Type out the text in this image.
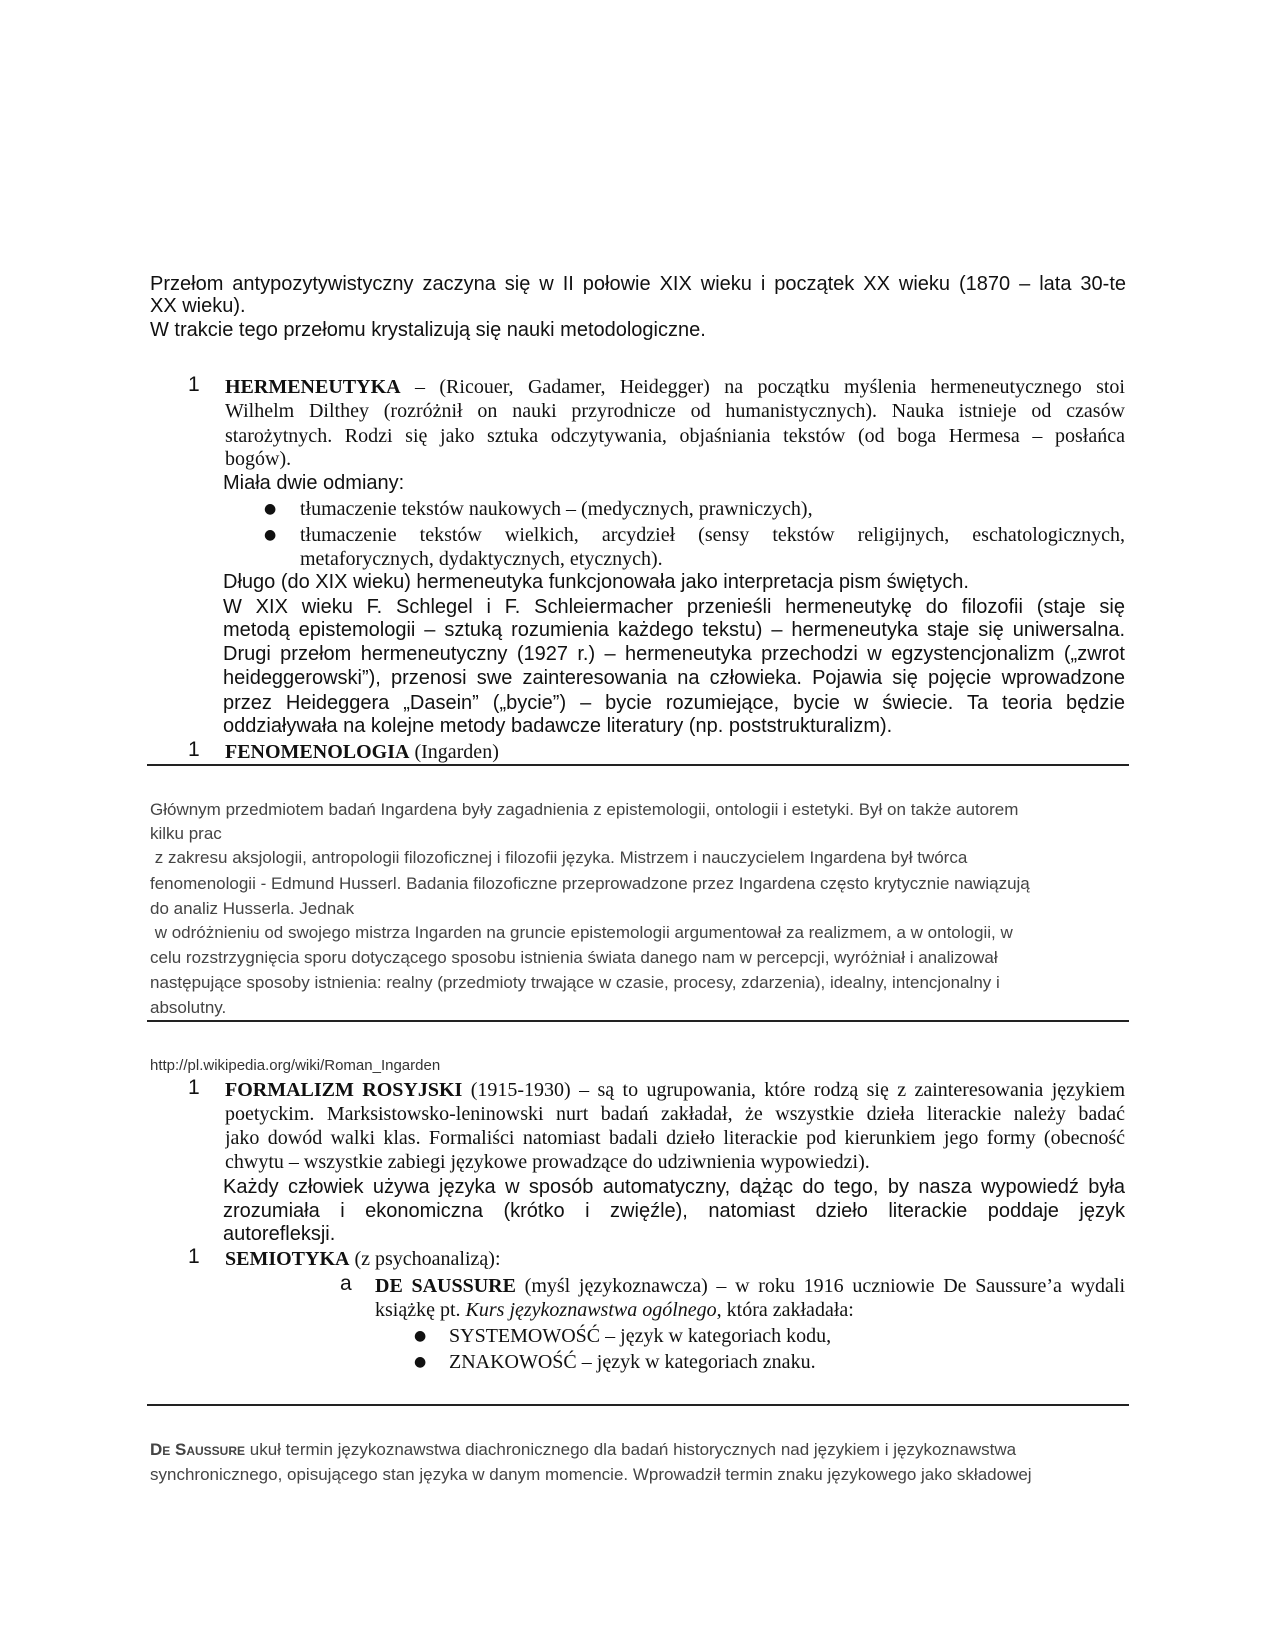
Przełom antypozytywistyczny zaczyna się w II połowie XIX wieku i początek XX wieku (1870 – lata 30-te
XX wieku).
W trakcie tego przełomu krystalizują się nauki metodologiczne.
1 HERMENEUTYKA – (Ricouer, Gadamer, Heidegger) na początku myślenia hermeneutycznego stoi
Wilhelm Dilthey (rozróżnił on nauki przyrodnicze od humanistycznych). Nauka istnieje od czasów
starożytnych. Rodzi się jako sztuka odczytywania, objaśniania tekstów (od boga Hermesa – posłańca
bogów).
Miała dwie odmiany:
● tłumaczenie tekstów naukowych – (medycznych, prawniczych),
● tłumaczenie tekstów wielkich, arcydzieł (sensy tekstów religijnych, eschatologicznych,
metaforycznych, dydaktycznych, etycznych).
Długo (do XIX wieku) hermeneutyka funkcjonowała jako interpretacja pism świętych.
W XIX wieku F. Schlegel i F. Schleiermacher przenieśli hermeneutykę do filozofii (staje się
metodą epistemologii – sztuką rozumienia każdego tekstu) – hermeneutyka staje się uniwersalna.
Drugi przełom hermeneutyczny (1927 r.) – hermeneutyka przechodzi w egzystencjonalizm („zwrot
heideggerowski”), przenosi swe zainteresowania na człowieka. Pojawia się pojęcie wprowadzone
przez Heideggera „Dasein” („bycie”) – bycie rozumiejące, bycie w świecie. Ta teoria będzie
oddziaływała na kolejne metody badawcze literatury (np. poststrukturalizm).
1 FENOMENOLOGIA (Ingarden)
Głównym przedmiotem badań Ingardena były zagadnienia z epistemologii, ontologii i estetyki. Był on także autorem
kilku prac
z zakresu aksjologii, antropologii filozoficznej i filozofii języka. Mistrzem i nauczycielem Ingardena był twórca
fenomenologii - Edmund Husserl. Badania filozoficzne przeprowadzone przez Ingardena często krytycznie nawiązują
do analiz Husserla. Jednak
w odróżnieniu od swojego mistrza Ingarden na gruncie epistemologii argumentował za realizmem, a w ontologii, w
celu rozstrzygnięcia sporu dotyczącego sposobu istnienia świata danego nam w percepcji, wyróżniał i analizował
następujące sposoby istnienia: realny (przedmioty trwające w czasie, procesy, zdarzenia), idealny, intencjonalny i
absolutny.
http://pl.wikipedia.org/wiki/Roman_Ingarden
1 FORMALIZM ROSYJSKI (1915-1930) – są to ugrupowania, które rodzą się z zainteresowania językiem
poetyckim. Marksistowsko-leninowski nurt badań zakładał, że wszystkie dzieła literackie należy badać
jako dowód walki klas. Formaliści natomiast badali dzieło literackie pod kierunkiem jego formy (obecność
chwytu – wszystkie zabiegi językowe prowadzące do udziwnienia wypowiedzi).
Każdy człowiek używa języka w sposób automatyczny, dążąc do tego, by nasza wypowiedź była
zrozumiała i ekonomiczna (krótko i zwięźle), natomiast dzieło literackie poddaje język
autorefleksji.
1 SEMIOTYKA (z psychoanalizą):
a DE SAUSSURE (myśl językoznawcza) – w roku 1916 uczniowie De Saussure’a wydali
książkę pt. Kurs językoznawstwa ogólnego, która zakładała:
● SYSTEMOWOŚĆ – język w kategoriach kodu,
● ZNAKOWOŚĆ – język w kategoriach znaku.
De Saussure ukuł termin językoznawstwa diachronicznego dla badań historycznych nad językiem i językoznawstwa
synchronicznego, opisującego stan języka w danym momencie. Wprowadził termin znaku językowego jako składowej
